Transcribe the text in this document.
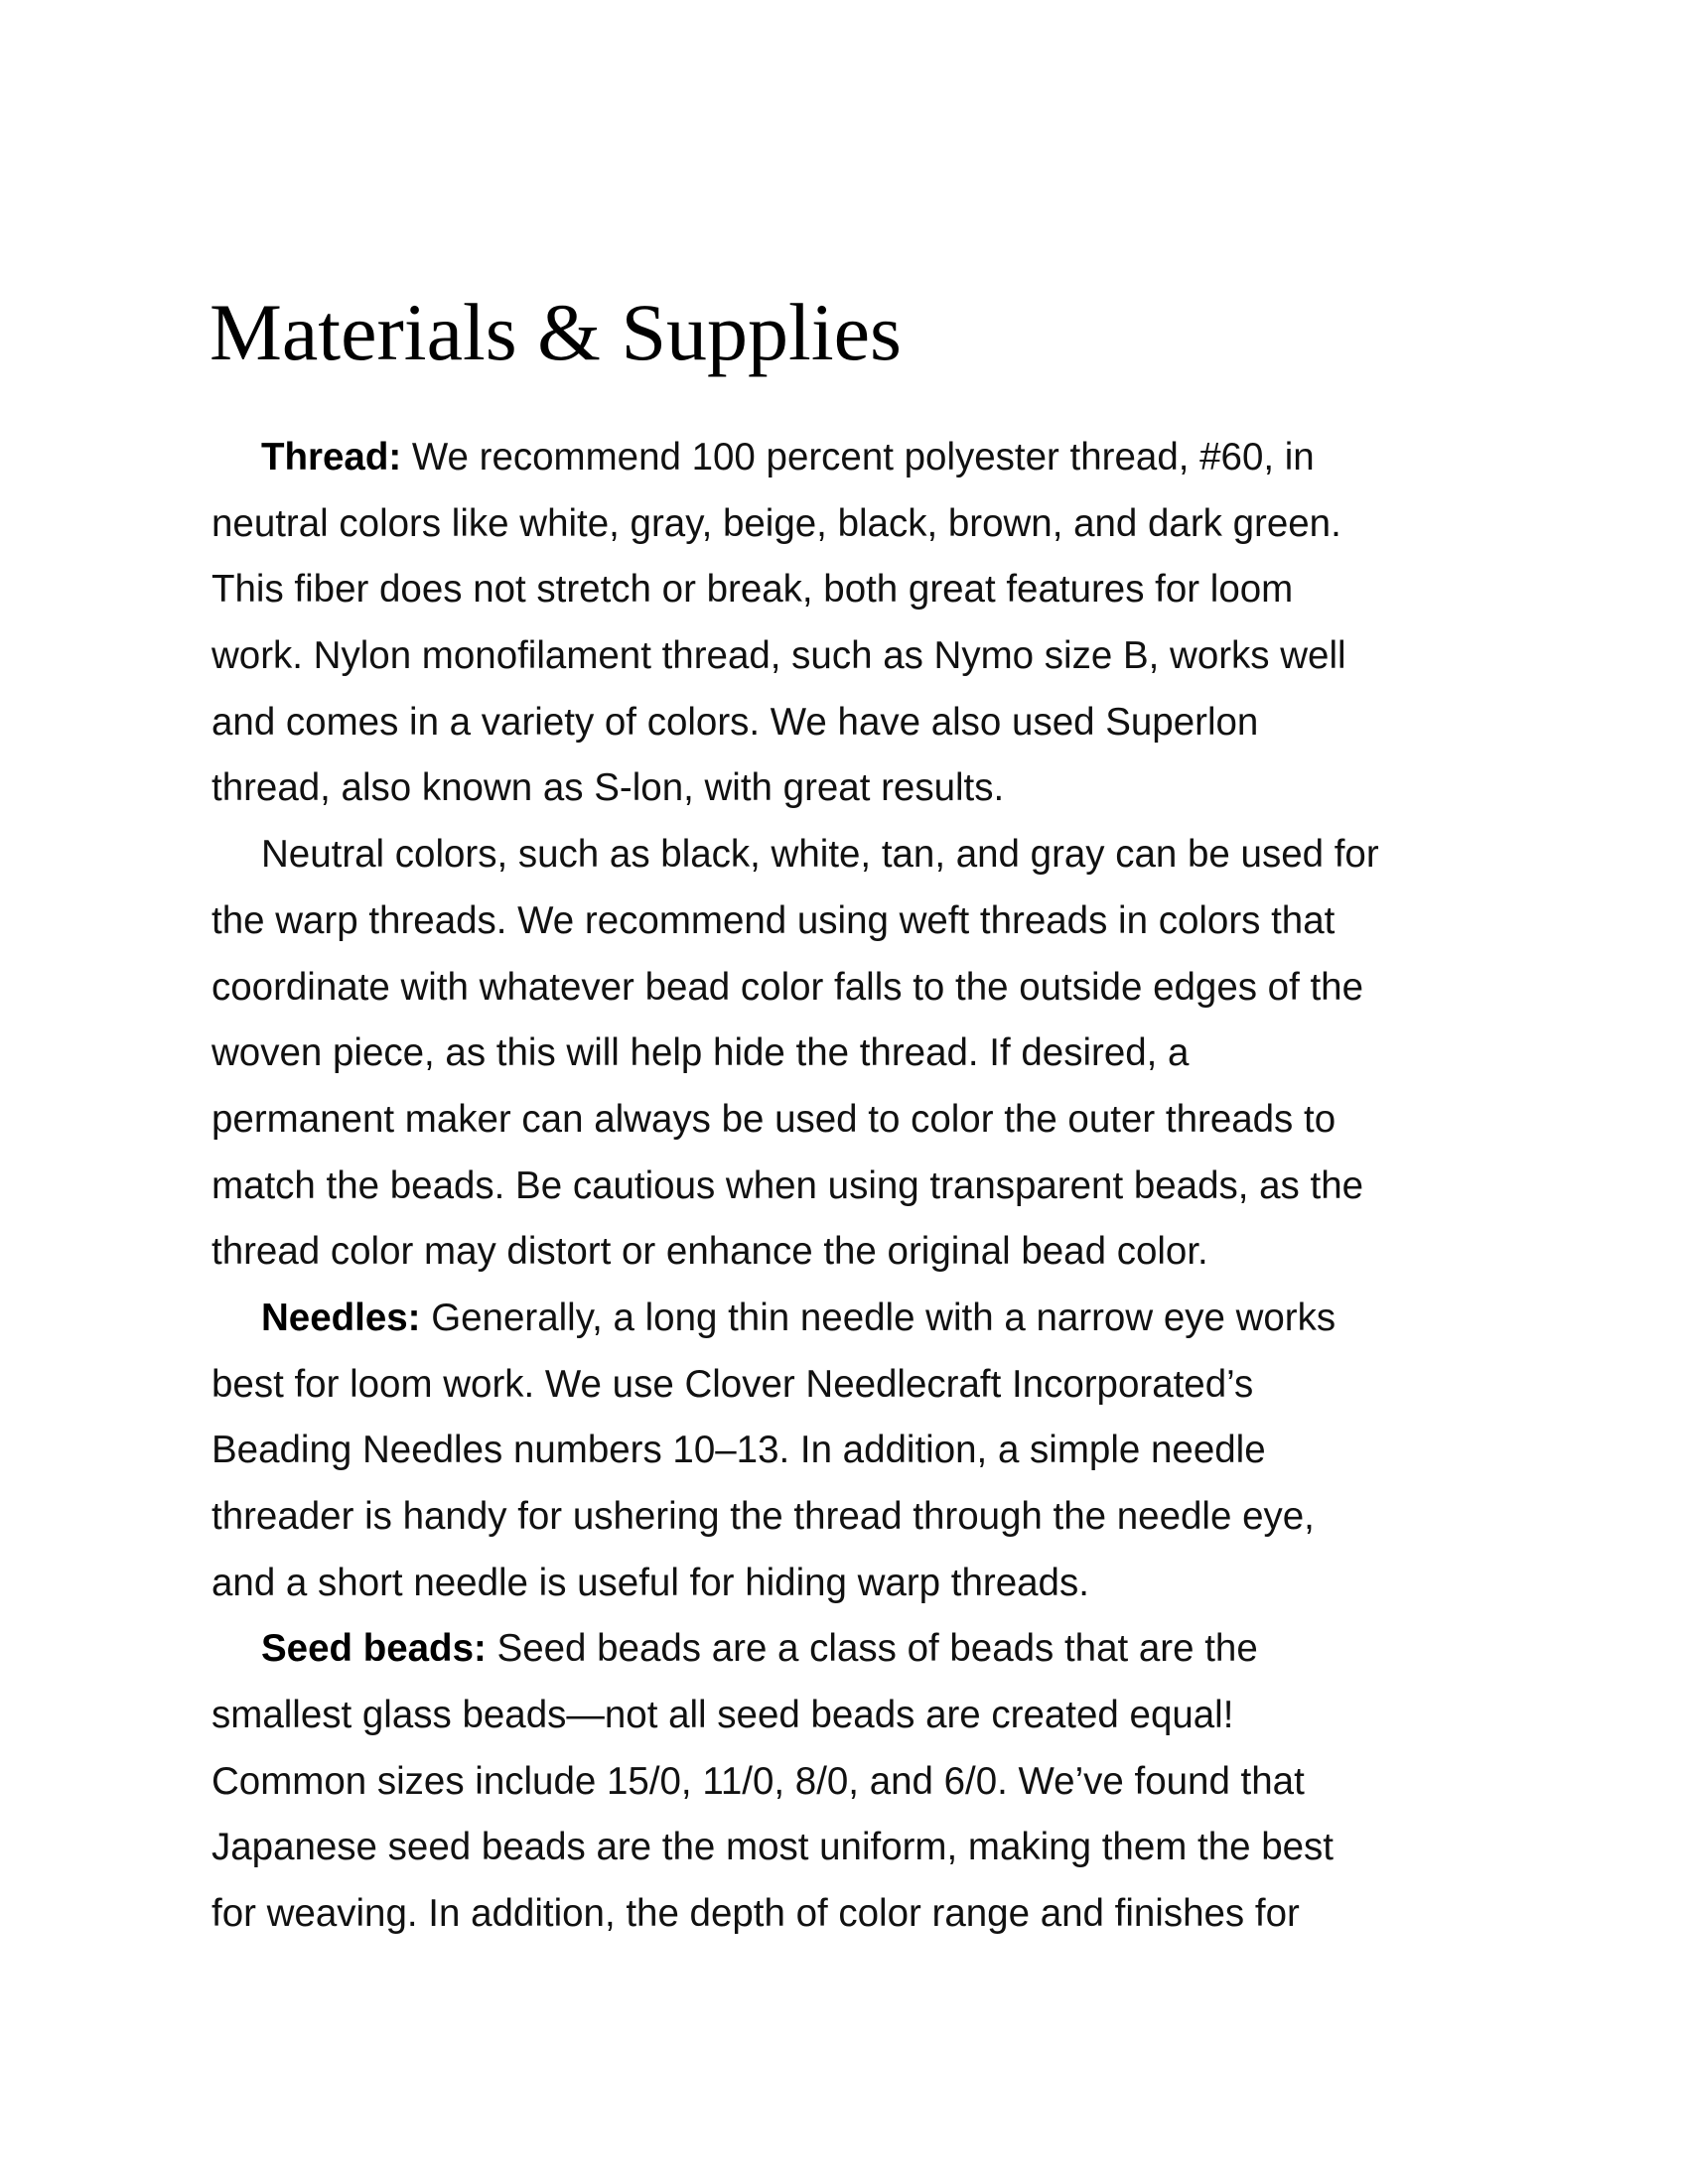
Materials & Supplies
Thread: We recommend 100 percent polyester thread, #60, in
neutral colors like white, gray, beige, black, brown, and dark green.
This fiber does not stretch or break, both great features for loom
work. Nylon monofilament thread, such as Nymo size B, works well
and comes in a variety of colors. We have also used Superlon
thread, also known as S-lon, with great results.
Neutral colors, such as black, white, tan, and gray can be used for
the warp threads. We recommend using weft threads in colors that
coordinate with whatever bead color falls to the outside edges of the
woven piece, as this will help hide the thread. If desired, a
permanent maker can always be used to color the outer threads to
match the beads. Be cautious when using transparent beads, as the
thread color may distort or enhance the original bead color.
Needles: Generally, a long thin needle with a narrow eye works
best for loom work. We use Clover Needlecraft Incorporated’s
Beading Needles numbers 10–13. In addition, a simple needle
threader is handy for ushering the thread through the needle eye,
and a short needle is useful for hiding warp threads.
Seed beads: Seed beads are a class of beads that are the
smallest glass beads—not all seed beads are created equal!
Common sizes include 15/0, 11/0, 8/0, and 6/0. We’ve found that
Japanese seed beads are the most uniform, making them the best
for weaving. In addition, the depth of color range and finishes for
